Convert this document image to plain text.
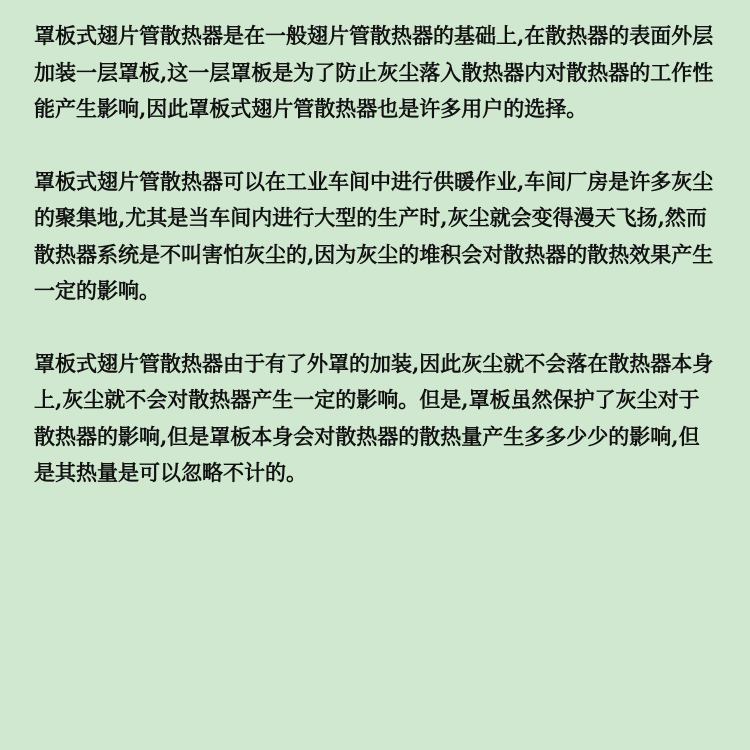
罩板式翅片管散热器是在一般翅片管散热器的基础上,在散热器的表面外层加装一层罩板,这一层罩板是为了防止灰尘落入散热器内对散热器的工作性能产生影响,因此罩板式翅片管散热器也是许多用户的选择。

罩板式翅片管散热器可以在工业车间中进行供暖作业,车间厂房是许多灰尘的聚集地,尤其是当车间内进行大型的生产时,灰尘就会变得漫天飞扬,然而散热器系统是不叫害怕灰尘的,因为灰尘的堆积会对散热器的散热效果产生一定的影响。

罩板式翅片管散热器由于有了外罩的加装,因此灰尘就不会落在散热器本身上,灰尘就不会对散热器产生一定的影响。但是,罩板虽然保护了灰尘对于散热器的影响,但是罩板本身会对散热器的散热量产生多多少少的影响,但是其热量是可以忽略不计的。
